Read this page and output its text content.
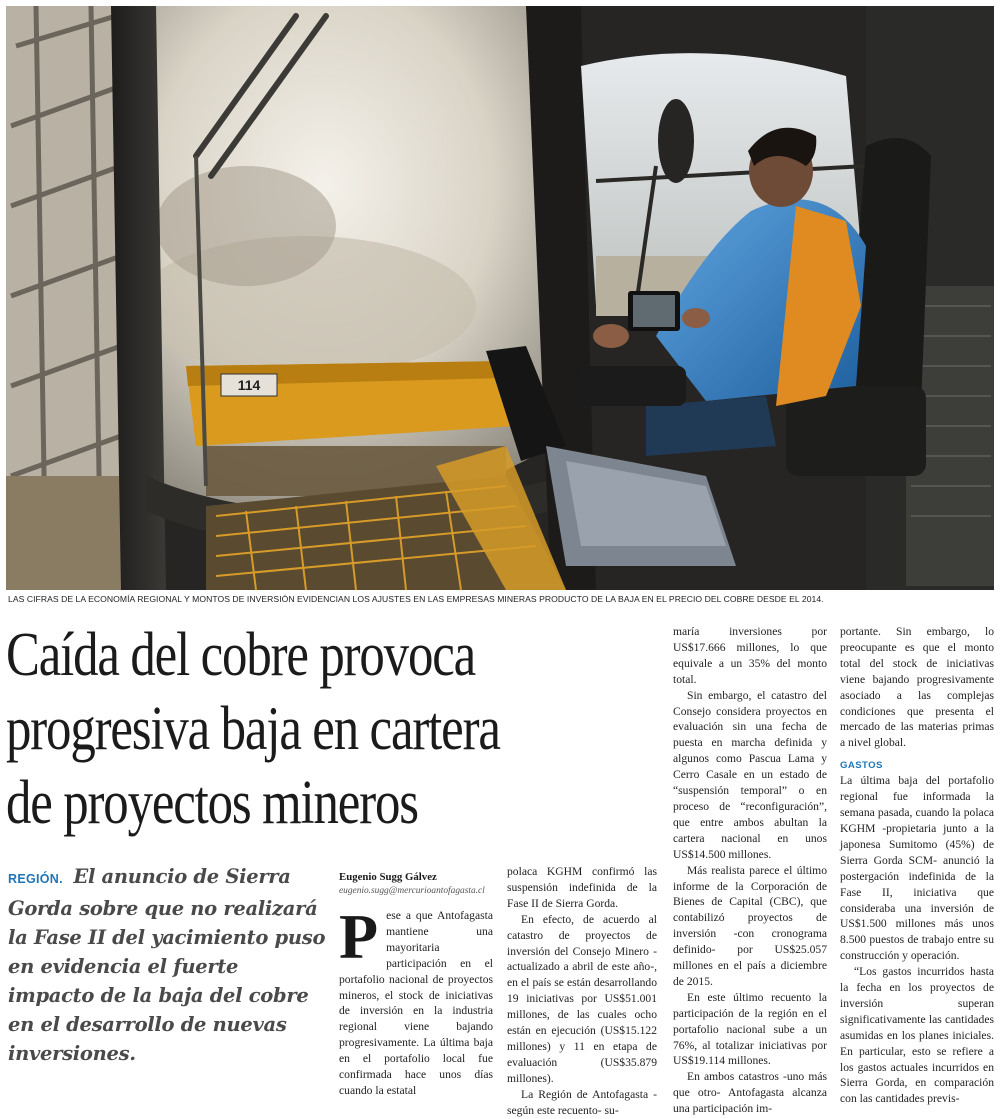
114
LAS CIFRAS DE LA ECONOMÍA REGIONAL Y MONTOS DE INVERSIÓN EVIDENCIAN LOS AJUSTES EN LAS EMPRESAS MINERAS PRODUCTO DE LA BAJA EN EL PRECIO DEL COBRE DESDE EL 2014.
Caída del cobre provoca
progresiva baja en cartera
de proyectos mineros
REGIÓN. El anuncio de Sierra Gorda sobre que no realizará la Fase II del yacimiento puso en evidencia el fuerte impacto de la baja del cobre en el desarrollo de nuevas inversiones.
Eugenio Sugg Gálvez
eugenio.sugg@mercurioantofagasta.cl

Pese a que Antofagasta mantiene una mayoritaria participación en el portafolio nacional de proyectos mineros, el stock de iniciativas de inversión en la industria regional viene bajando progresivamente. La última baja en el portafolio local fue confirmada hace unos días cuando la estatal

polaca KGHM confirmó las suspensión indefinida de la Fase II de Sierra Gorda.

En efecto, de acuerdo al catastro de proyectos de inversión del Consejo Minero -actualizado a abril de este año-, en el país se están desarrollando 19 iniciativas por US$51.001 millones, de las cuales ocho están en ejecución (US$15.122 millones) y 11 en etapa de evaluación (US$35.879 millones).

La Región de Antofagasta -según este recuento- su-

maría inversiones por US$17.666 millones, lo que equivale a un 35% del monto total.

Sin embargo, el catastro del Consejo considera proyectos en evaluación sin una fecha de puesta en marcha definida y algunos como Pascua Lama y Cerro Casale en un estado de “suspensión temporal” o en proceso de “reconfiguración”, que entre ambos abultan la cartera nacional en unos US$14.500 millones.

Más realista parece el último informe de la Corporación de Bienes de Capital (CBC), que contabilizó proyectos de inversión -con cronograma definido- por US$25.057 millones en el país a diciembre de 2015.

En este último recuento la participación de la región en el portafolio nacional sube a un 76%, al totalizar iniciativas por US$19.114 millones.

En ambos catastros -uno más que otro- Antofagasta alcanza una participación im-

portante. Sin embargo, lo preocupante es que el monto total del stock de iniciativas viene bajando progresivamente asociado a las complejas condiciones que presenta el mercado de las materias primas a nivel global.

GASTOS

La última baja del portafolio regional fue informada la semana pasada, cuando la polaca KGHM -propietaria junto a la japonesa Sumitomo (45%) de Sierra Gorda SCM- anunció la postergación indefinida de la Fase II, iniciativa que consideraba una inversión de US$1.500 millones más unos 8.500 puestos de trabajo entre su construcción y operación.

“Los gastos incurridos hasta la fecha en los proyectos de inversión superan significativamente las cantidades asumidas en los planes iniciales. En particular, esto se refiere a los gastos actuales incurridos en Sierra Gorda, en comparación con las cantidades previs-
